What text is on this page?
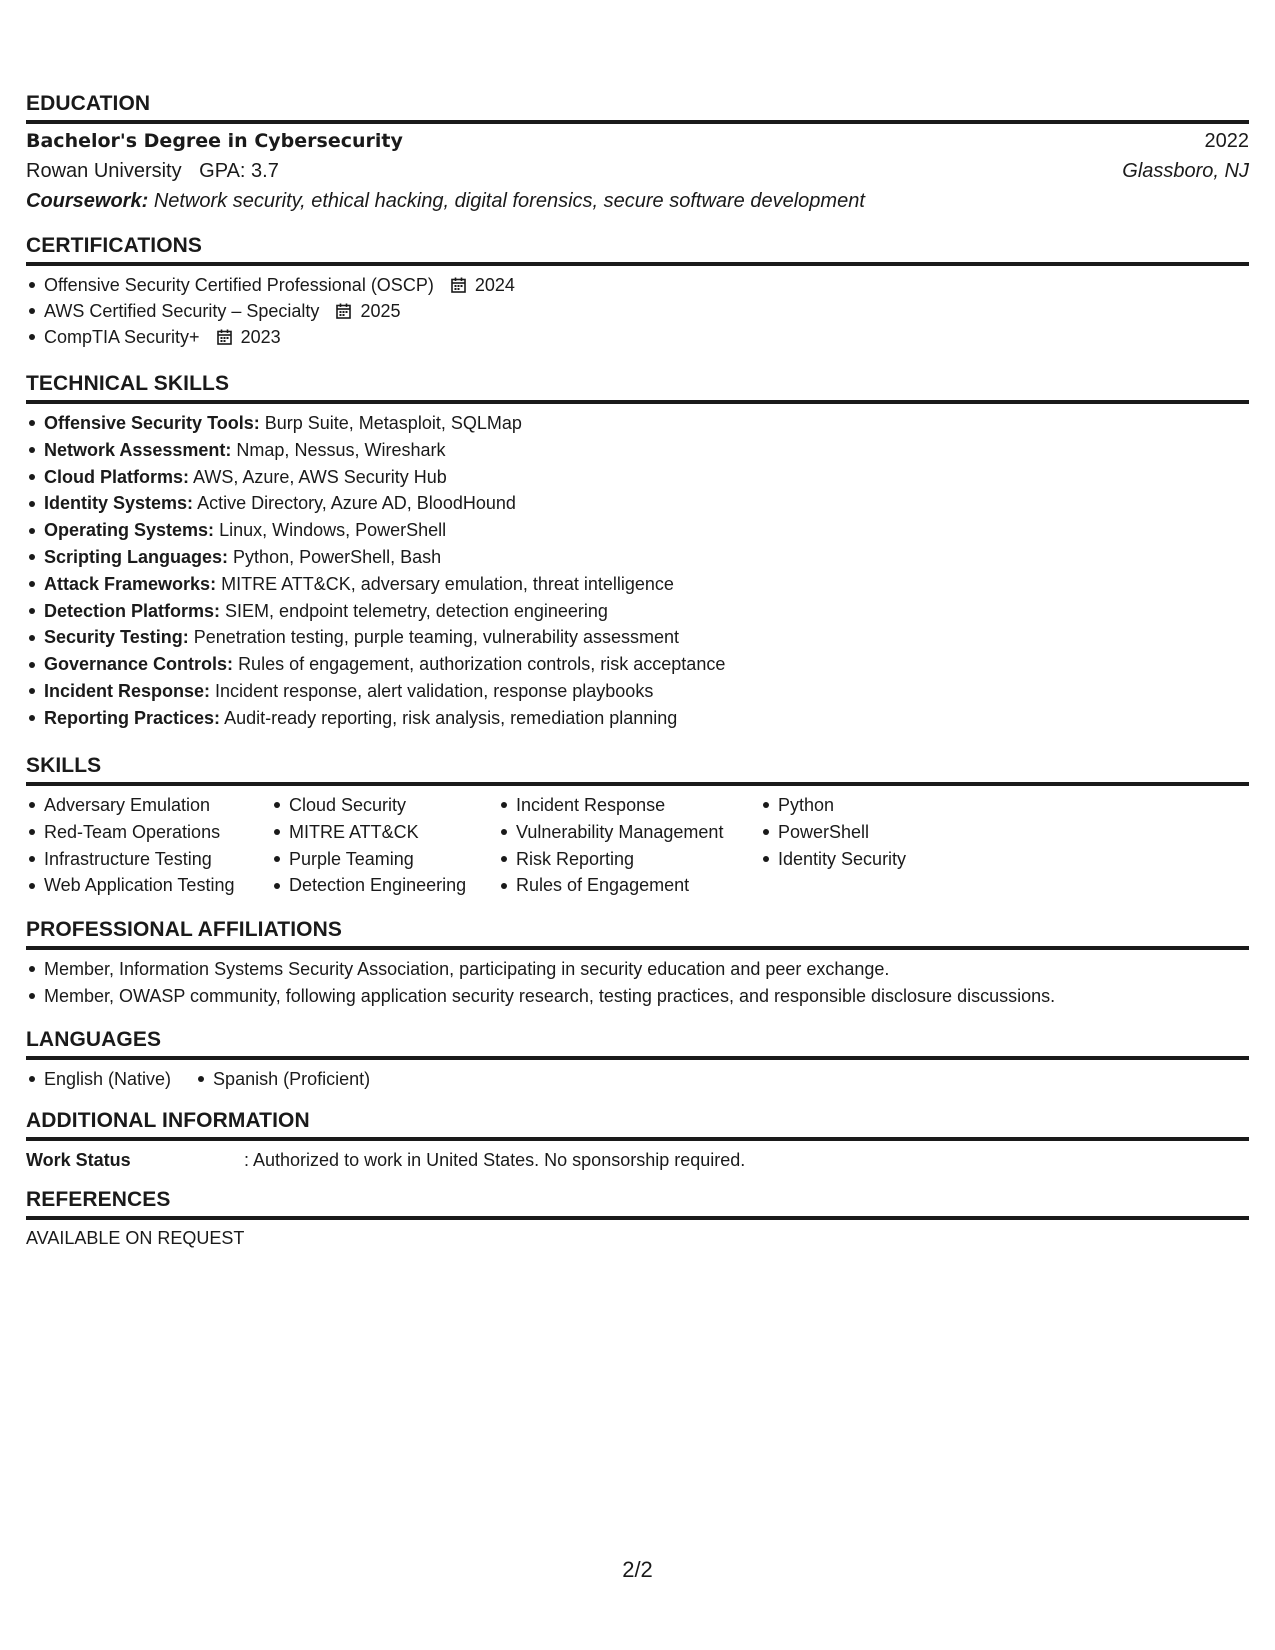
EDUCATION
Bachelor's Degree in Cybersecurity	2022
Rowan University GPA: 3.7	Glassboro, NJ
Coursework: Network security, ethical hacking, digital forensics, secure software development
CERTIFICATIONS
Offensive Security Certified Professional (OSCP) 2024
AWS Certified Security – Specialty 2025
CompTIA Security+ 2023
TECHNICAL SKILLS
Offensive Security Tools: Burp Suite, Metasploit, SQLMap
Network Assessment: Nmap, Nessus, Wireshark
Cloud Platforms: AWS, Azure, AWS Security Hub
Identity Systems: Active Directory, Azure AD, BloodHound
Operating Systems: Linux, Windows, PowerShell
Scripting Languages: Python, PowerShell, Bash
Attack Frameworks: MITRE ATT&CK, adversary emulation, threat intelligence
Detection Platforms: SIEM, endpoint telemetry, detection engineering
Security Testing: Penetration testing, purple teaming, vulnerability assessment
Governance Controls: Rules of engagement, authorization controls, risk acceptance
Incident Response: Incident response, alert validation, response playbooks
Reporting Practices: Audit-ready reporting, risk analysis, remediation planning
SKILLS
Adversary Emulation
Red-Team Operations
Infrastructure Testing
Web Application Testing
Cloud Security
MITRE ATT&CK
Purple Teaming
Detection Engineering
Incident Response
Vulnerability Management
Risk Reporting
Rules of Engagement
Python
PowerShell
Identity Security
PROFESSIONAL AFFILIATIONS
Member, Information Systems Security Association, participating in security education and peer exchange.
Member, OWASP community, following application security research, testing practices, and responsible disclosure discussions.
LANGUAGES
English (Native)	Spanish (Proficient)
ADDITIONAL INFORMATION
Work Status	: Authorized to work in United States. No sponsorship required.
REFERENCES
AVAILABLE ON REQUEST
2/2
